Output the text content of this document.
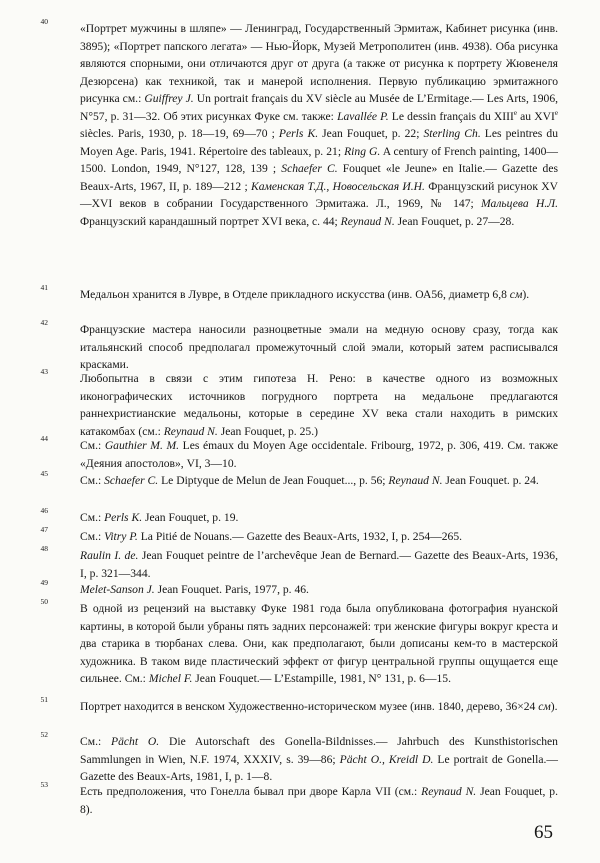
40
«Портрет мужчины в шляпе» — Ленинград, Государственный Эрмитаж, Кабинет рисунка (инв. 3895); «Портрет папского легата» — Нью-Йорк, Музей Метрополитен (инв. 4938). Оба рисунка являются спорными, они отличаются друг от друга (а также от рисунка к портрету Жювенеля Дезюрсена) как техникой, так и манерой исполнения. Первую публикацию эрмитажного рисунка см.: Guiffrey J. Un portrait français du XV siècle au Musée de L’Ermitage.— Les Arts, 1906, N°57, p. 31—32. Об этих рисунках Фуке см. также: Lavallée P. Le dessin français du XIIIe au XVIe siècles. Paris, 1930, p. 18—19, 69—70 ; Perls K. Jean Fouquet, p. 22; Sterling Ch. Les peintres du Moyen Age. Paris, 1941. Répertoire des tableaux, p. 21; Ring G. A century of French painting, 1400—1500. London, 1949, N°127, 128, 139 ; Schaefer C. Fouquet «le Jeune» en Italie.— Gazette des Beaux-Arts, 1967, II, p. 189—212 ; Каменская Т.Д., Новосельская И.Н. Французский рисунок XV—XVI веков в собрании Государственного Эрмитажа. Л., 1969, № 147; Мальцева Н.Л. Французский карандашный портрет XVI века, с. 44; Reynaud N. Jean Fouquet, p. 27—28.
41
Медальон хранится в Лувре, в Отделе прикладного искусства (инв. ОА56, диаметр 6,8 см).
42
Французские мастера наносили разноцветные эмали на медную основу сразу, тогда как итальянский способ предполагал промежуточный слой эмали, который затем расписывался красками.
43
Любопытна в связи с этим гипотеза Н. Рено: в качестве одного из возможных иконографических источников погрудного портрета на медальоне предлагаются раннехристианские медальоны, которые в середине XV века стали находить в римских катакомбах (см.: Reynaud N. Jean Fouquet, p. 25.)
44
См.: Gauthier M. M. Les émaux du Moyen Age occidentale. Fribourg, 1972, p. 306, 419. См. также «Деяния апостолов», VI, 3—10.
45
См.: Schaefer C. Le Diptyque de Melun de Jean Fouquet..., p. 56; Reynaud N. Jean Fouquet. p. 24.
46
См.: Perls K. Jean Fouquet, p. 19.
47
См.: Vitry P. La Pitié de Nouans.— Gazette des Beaux-Arts, 1932, I, p. 254—265.
48
Raulin I. de. Jean Fouquet peintre de l’archevêque Jean de Bernard.— Gazette des Beaux-Arts, 1936, I, p. 321—344.
49
Melet-Sanson J. Jean Fouquet. Paris, 1977, p. 46.
50
В одной из рецензий на выставку Фуке 1981 года была опубликована фотография нуанской картины, в которой были убраны пять задних персонажей: три женские фигуры вокруг креста и два старика в тюрбанах слева. Они, как предполагают, были дописаны кем-то в мастерской художника. В таком виде пластический эффект от фигур центральной группы ощущается еще сильнее. См.: Michel F. Jean Fouquet.— L’Estampille, 1981, N° 131, p. 6—15.
51
Портрет находится в венском Художественно-историческом музее (инв. 1840, дерево, 36×24 см).
52
См.: Pächt O. Die Autorschaft des Gonella-Bildnisses.— Jahrbuch des Kunsthistorischen Sammlungen in Wien, N.F. 1974, XXXIV, s. 39—86; Pächt O., Kreidl D. Le portrait de Gonella.— Gazette des Beaux-Arts, 1981, I, p. 1—8.
53
Есть предположения, что Гонелла бывал при дворе Карла VII (см.: Reynaud N. Jean Fouquet, p. 8).
65
